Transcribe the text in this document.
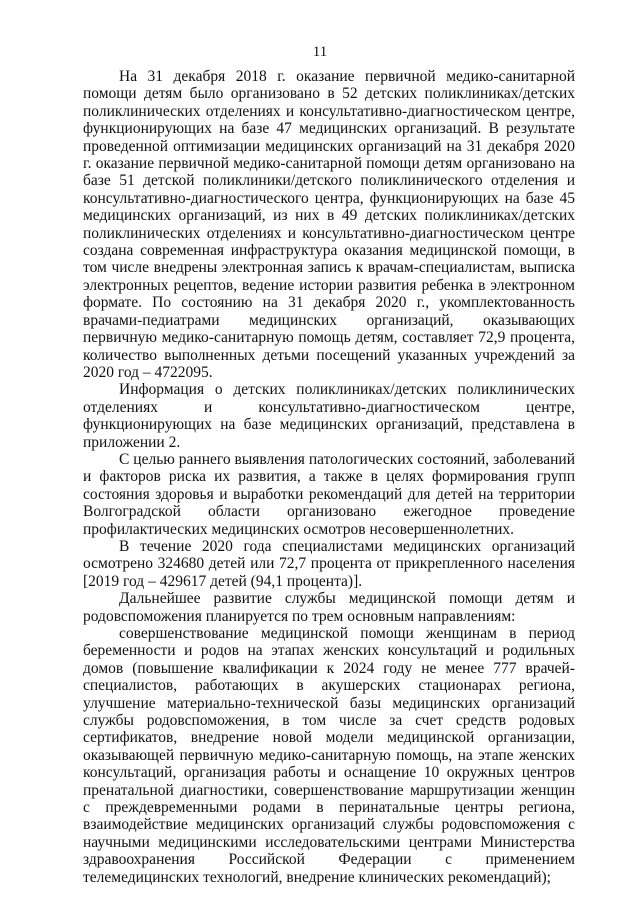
11

На 31 декабря 2018 г. оказание первичной медико-санитарной помощи детям было организовано в 52 детских поликлиниках/детских поликлинических отделениях и консультативно-диагностическом центре, функционирующих на базе 47 медицинских организаций. В результате проведенной оптимизации медицинских организаций на 31 декабря 2020 г. оказание первичной медико-санитарной помощи детям организовано на базе 51 детской поликлиники/детского поликлинического отделения и консультативно-диагностического центра, функционирующих на базе 45 медицинских организаций, из них в 49 детских поликлиниках/детских поликлинических отделениях и консультативно-диагностическом центре создана современная инфраструктура оказания медицинской помощи, в том числе внедрены электронная запись к врачам-специалистам, выписка электронных рецептов, ведение истории развития ребенка в электронном формате. По состоянию на 31 декабря 2020 г., укомплектованность врачами-педиатрами медицинских организаций, оказывающих первичную медико-санитарную помощь детям, составляет 72,9 процента, количество выполненных детьми посещений указанных учреждений за 2020 год – 4722095.

Информация о детских поликлиниках/детских поликлинических отделениях и консультативно-диагностическом центре, функционирующих на базе медицинских организаций, представлена в приложении 2.

С целью раннего выявления патологических состояний, заболеваний и факторов риска их развития, а также в целях формирования групп состояния здоровья и выработки рекомендаций для детей на территории Волгоградской области организовано ежегодное проведение профилактических медицинских осмотров несовершеннолетних.

В течение 2020 года специалистами медицинских организаций осмотрено 324680 детей или 72,7 процента от прикрепленного населения [2019 год – 429617 детей (94,1 процента)].

Дальнейшее развитие службы медицинской помощи детям и родовспоможения планируется по трем основным направлениям:

совершенствование медицинской помощи женщинам в период беременности и родов на этапах женских консультаций и родильных домов (повышение квалификации к 2024 году не менее 777 врачей-специалистов, работающих в акушерских стационарах региона, улучшение материально-технической базы медицинских организаций службы родовспоможения, в том числе за счет средств родовых сертификатов, внедрение новой модели медицинской организации, оказывающей первичную медико-санитарную помощь, на этапе женских консультаций, организация работы и оснащение 10 окружных центров пренатальной диагностики, совершенствование маршрутизации женщин с преждевременными родами в перинатальные центры региона, взаимодействие медицинских организаций службы родовспоможения с научными медицинскими исследовательскими центрами Министерства здравоохранения Российской Федерации с применением телемедицинских технологий, внедрение клинических рекомендаций);
